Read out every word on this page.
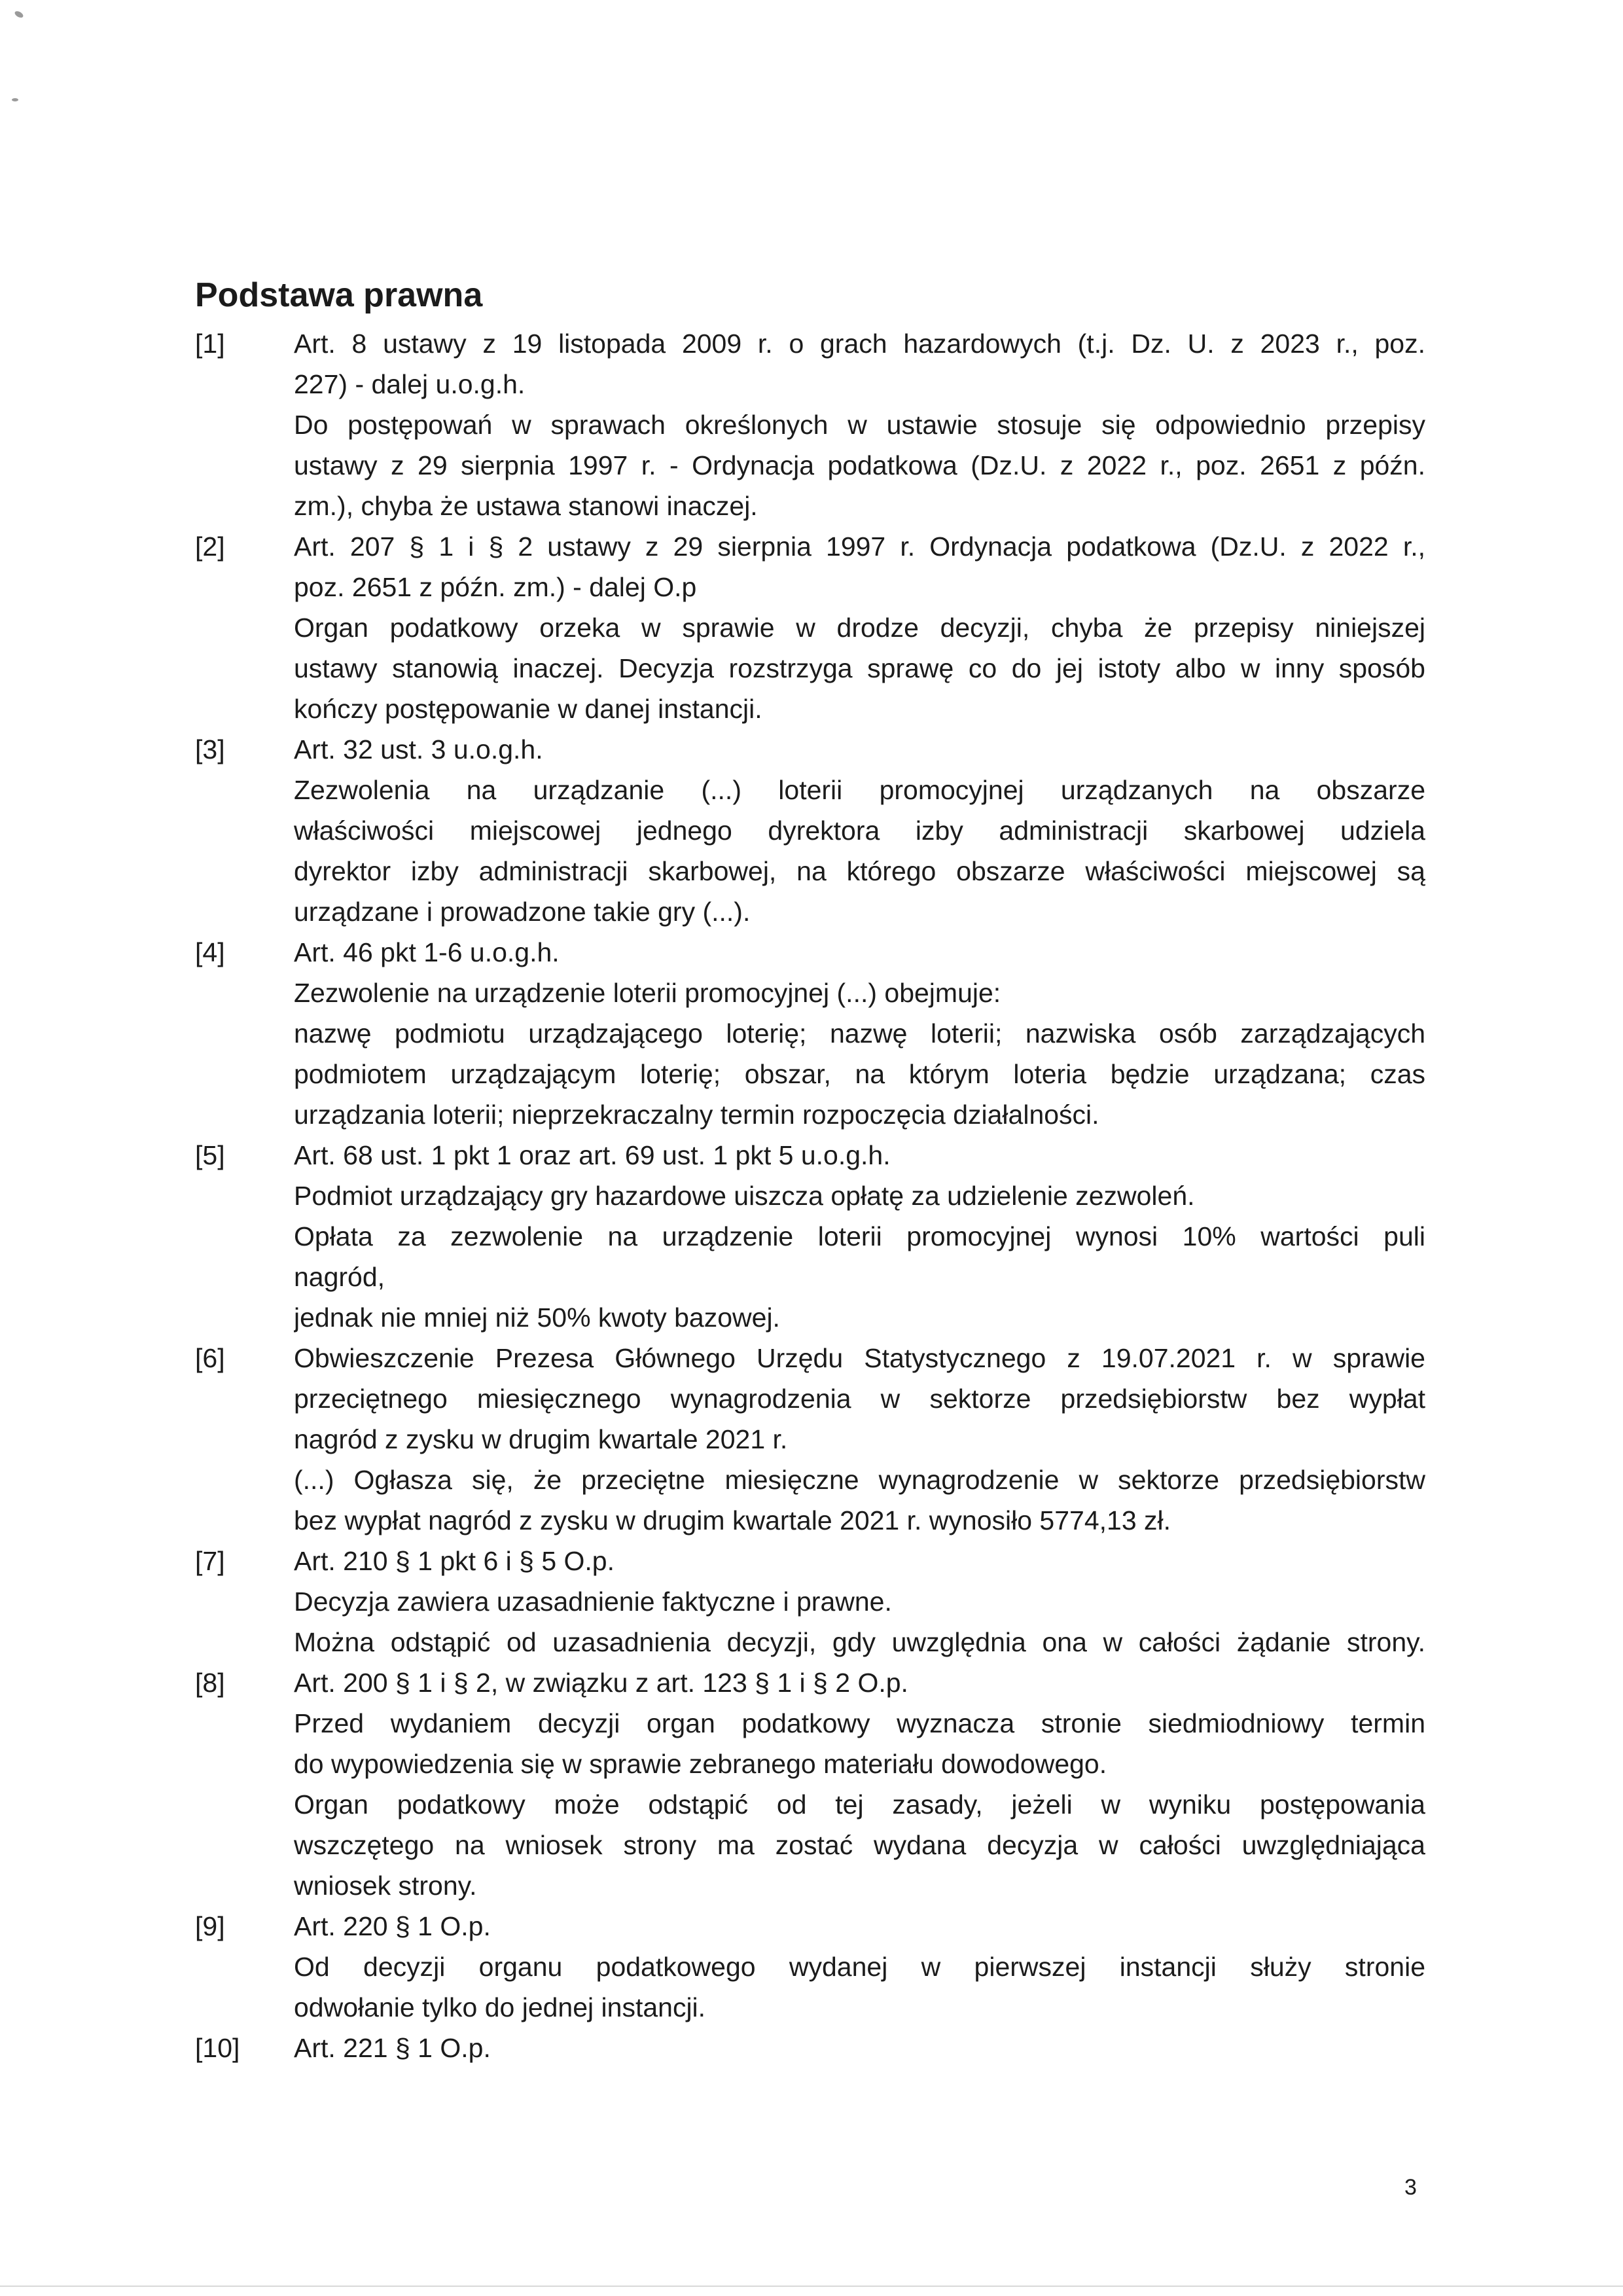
Podstawa prawna
[1]	Art. 8 ustawy z 19 listopada 2009 r. o grach hazardowych (t.j. Dz. U. z 2023 r., poz.
227) - dalej u.o.g.h.
Do postępowań w sprawach określonych w ustawie stosuje się odpowiednio przepisy
ustawy z 29 sierpnia 1997 r. - Ordynacja podatkowa (Dz.U. z 2022 r., poz. 2651 z późn.
zm.), chyba że ustawa stanowi inaczej.
[2]	Art. 207 § 1 i § 2 ustawy z 29 sierpnia 1997 r. Ordynacja podatkowa (Dz.U. z 2022 r.,
poz. 2651 z późn. zm.) - dalej O.p
Organ podatkowy orzeka w sprawie w drodze decyzji, chyba że przepisy niniejszej
ustawy stanowią inaczej. Decyzja rozstrzyga sprawę co do jej istoty albo w inny sposób
kończy postępowanie w danej instancji.
[3]	Art. 32 ust. 3 u.o.g.h.
Zezwolenia na urządzanie (...) loterii promocyjnej urządzanych na obszarze
właściwości miejscowej jednego dyrektora izby administracji skarbowej udziela
dyrektor izby administracji skarbowej, na którego obszarze właściwości miejscowej są
urządzane i prowadzone takie gry (...).
[4]	Art. 46 pkt 1-6 u.o.g.h.
Zezwolenie na urządzenie loterii promocyjnej (...) obejmuje:
nazwę podmiotu urządzającego loterię; nazwę loterii; nazwiska osób zarządzających
podmiotem urządzającym loterię; obszar, na którym loteria będzie urządzana; czas
urządzania loterii; nieprzekraczalny termin rozpoczęcia działalności.
[5]	Art. 68 ust. 1 pkt 1 oraz art. 69 ust. 1 pkt 5 u.o.g.h.
Podmiot urządzający gry hazardowe uiszcza opłatę za udzielenie zezwoleń.
Opłata za zezwolenie na urządzenie loterii promocyjnej wynosi 10% wartości puli
nagród,
jednak nie mniej niż 50% kwoty bazowej.
[6]	Obwieszczenie Prezesa Głównego Urzędu Statystycznego z 19.07.2021 r. w sprawie
przeciętnego miesięcznego wynagrodzenia w sektorze przedsiębiorstw bez wypłat
nagród z zysku w drugim kwartale 2021 r.
(...) Ogłasza się, że przeciętne miesięczne wynagrodzenie w sektorze przedsiębiorstw
bez wypłat nagród z zysku w drugim kwartale 2021 r. wynosiło 5774,13 zł.
[7]	Art. 210 § 1 pkt 6 i § 5 O.p.
Decyzja zawiera uzasadnienie faktyczne i prawne.
Można odstąpić od uzasadnienia decyzji, gdy uwzględnia ona w całości żądanie strony.
[8]	Art. 200 § 1 i § 2, w związku z art. 123 § 1 i § 2 O.p.
Przed wydaniem decyzji organ podatkowy wyznacza stronie siedmiodniowy termin
do wypowiedzenia się w sprawie zebranego materiału dowodowego.
Organ podatkowy może odstąpić od tej zasady, jeżeli w wyniku postępowania
wszczętego na wniosek strony ma zostać wydana decyzja w całości uwzględniająca
wniosek strony.
[9]	Art. 220 § 1 O.p.
Od decyzji organu podatkowego wydanej w pierwszej instancji służy stronie
odwołanie tylko do jednej instancji.
[10] Art. 221 § 1 O.p.
3
